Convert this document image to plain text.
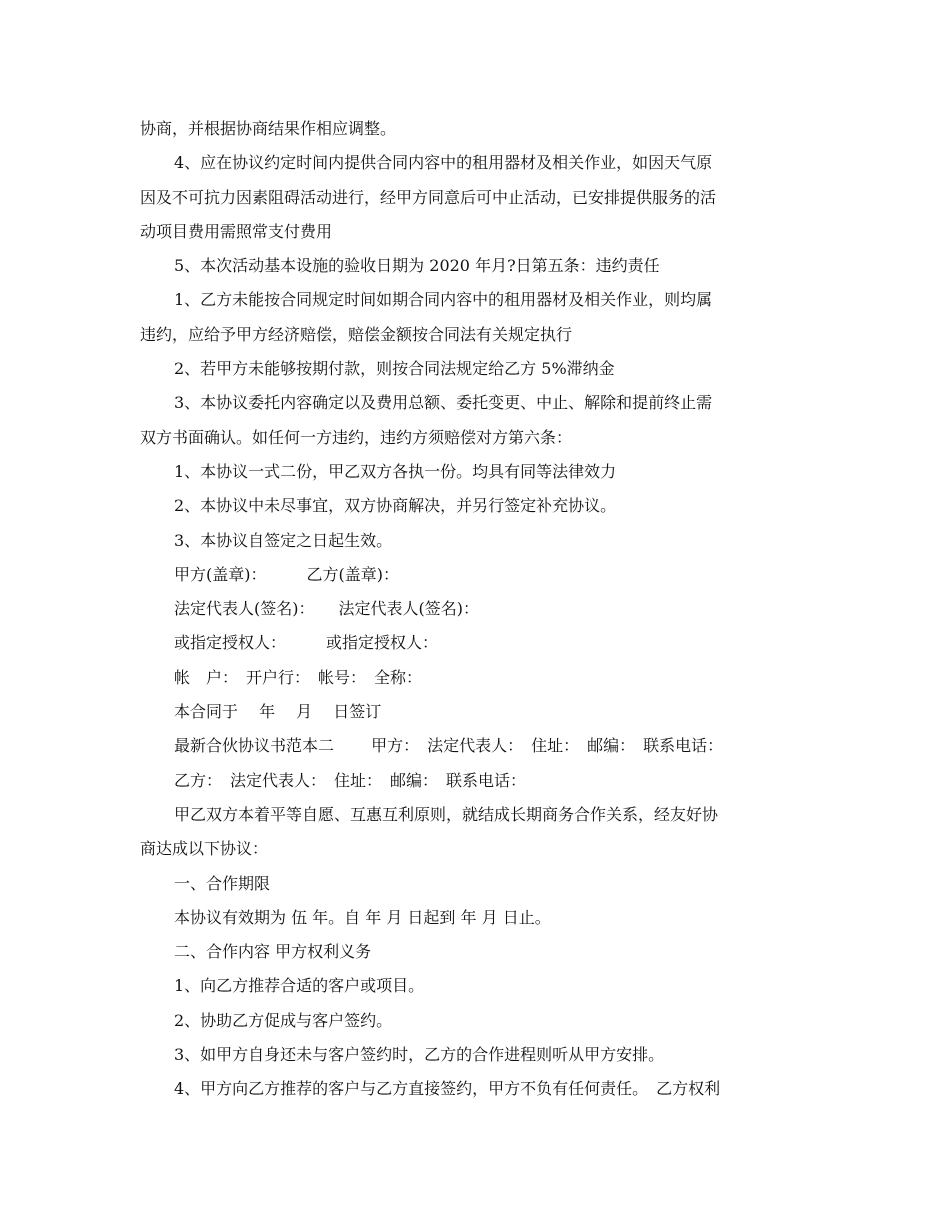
协商，并根据协商结果作相应调整。
4、应在协议约定时间内提供合同内容中的租用器材及相关作业，如因天气原
因及不可抗力因素阻碍活动进行，经甲方同意后可中止活动，已安排提供服务的活
动项目费用需照常支付费用
5、本次活动基本设施的验收日期为 2020 年月?日第五条：违约责任
1、乙方未能按合同规定时间如期合同内容中的租用器材及相关作业，则均属
违约，应给予甲方经济赔偿，赔偿金额按合同法有关规定执行
2、若甲方未能够按期付款，则按合同法规定给乙方 5%滞纳金
3、本协议委托内容确定以及费用总额、委托变更、中止、解除和提前终止需
双方书面确认。如任何一方违约，违约方须赔偿对方第六条：
1、本协议一式二份，甲乙双方各执一份。均具有同等法律效力
2、本协议中未尽事宜，双方协商解决，并另行签定补充协议。
3、本协议自签定之日起生效。
甲方(盖章)：　　　乙方(盖章)：
法定代表人(签名)：　　法定代表人(签名)：
或指定授权人：　　　或指定授权人：
帐　户：　开户行：　帐号：　全称：
本合同于　 年　 月　 日签订
最新合伙协议书范本二　　 甲方：　法定代表人：　住址：　邮编：　联系电话：
乙方：　法定代表人：　住址：　邮编：　联系电话：
甲乙双方本着平等自愿、互惠互利原则，就结成长期商务合作关系，经友好协
商达成以下协议：
一、合作期限
本协议有效期为 伍 年。自 年 月 日起到 年 月 日止。
二、合作内容 甲方权利义务
1、向乙方推荐合适的客户或项目。
2、协助乙方促成与客户签约。
3、如甲方自身还未与客户签约时，乙方的合作进程则听从甲方安排。
4、甲方向乙方推荐的客户与乙方直接签约，甲方不负有任何责任。　乙方权利
